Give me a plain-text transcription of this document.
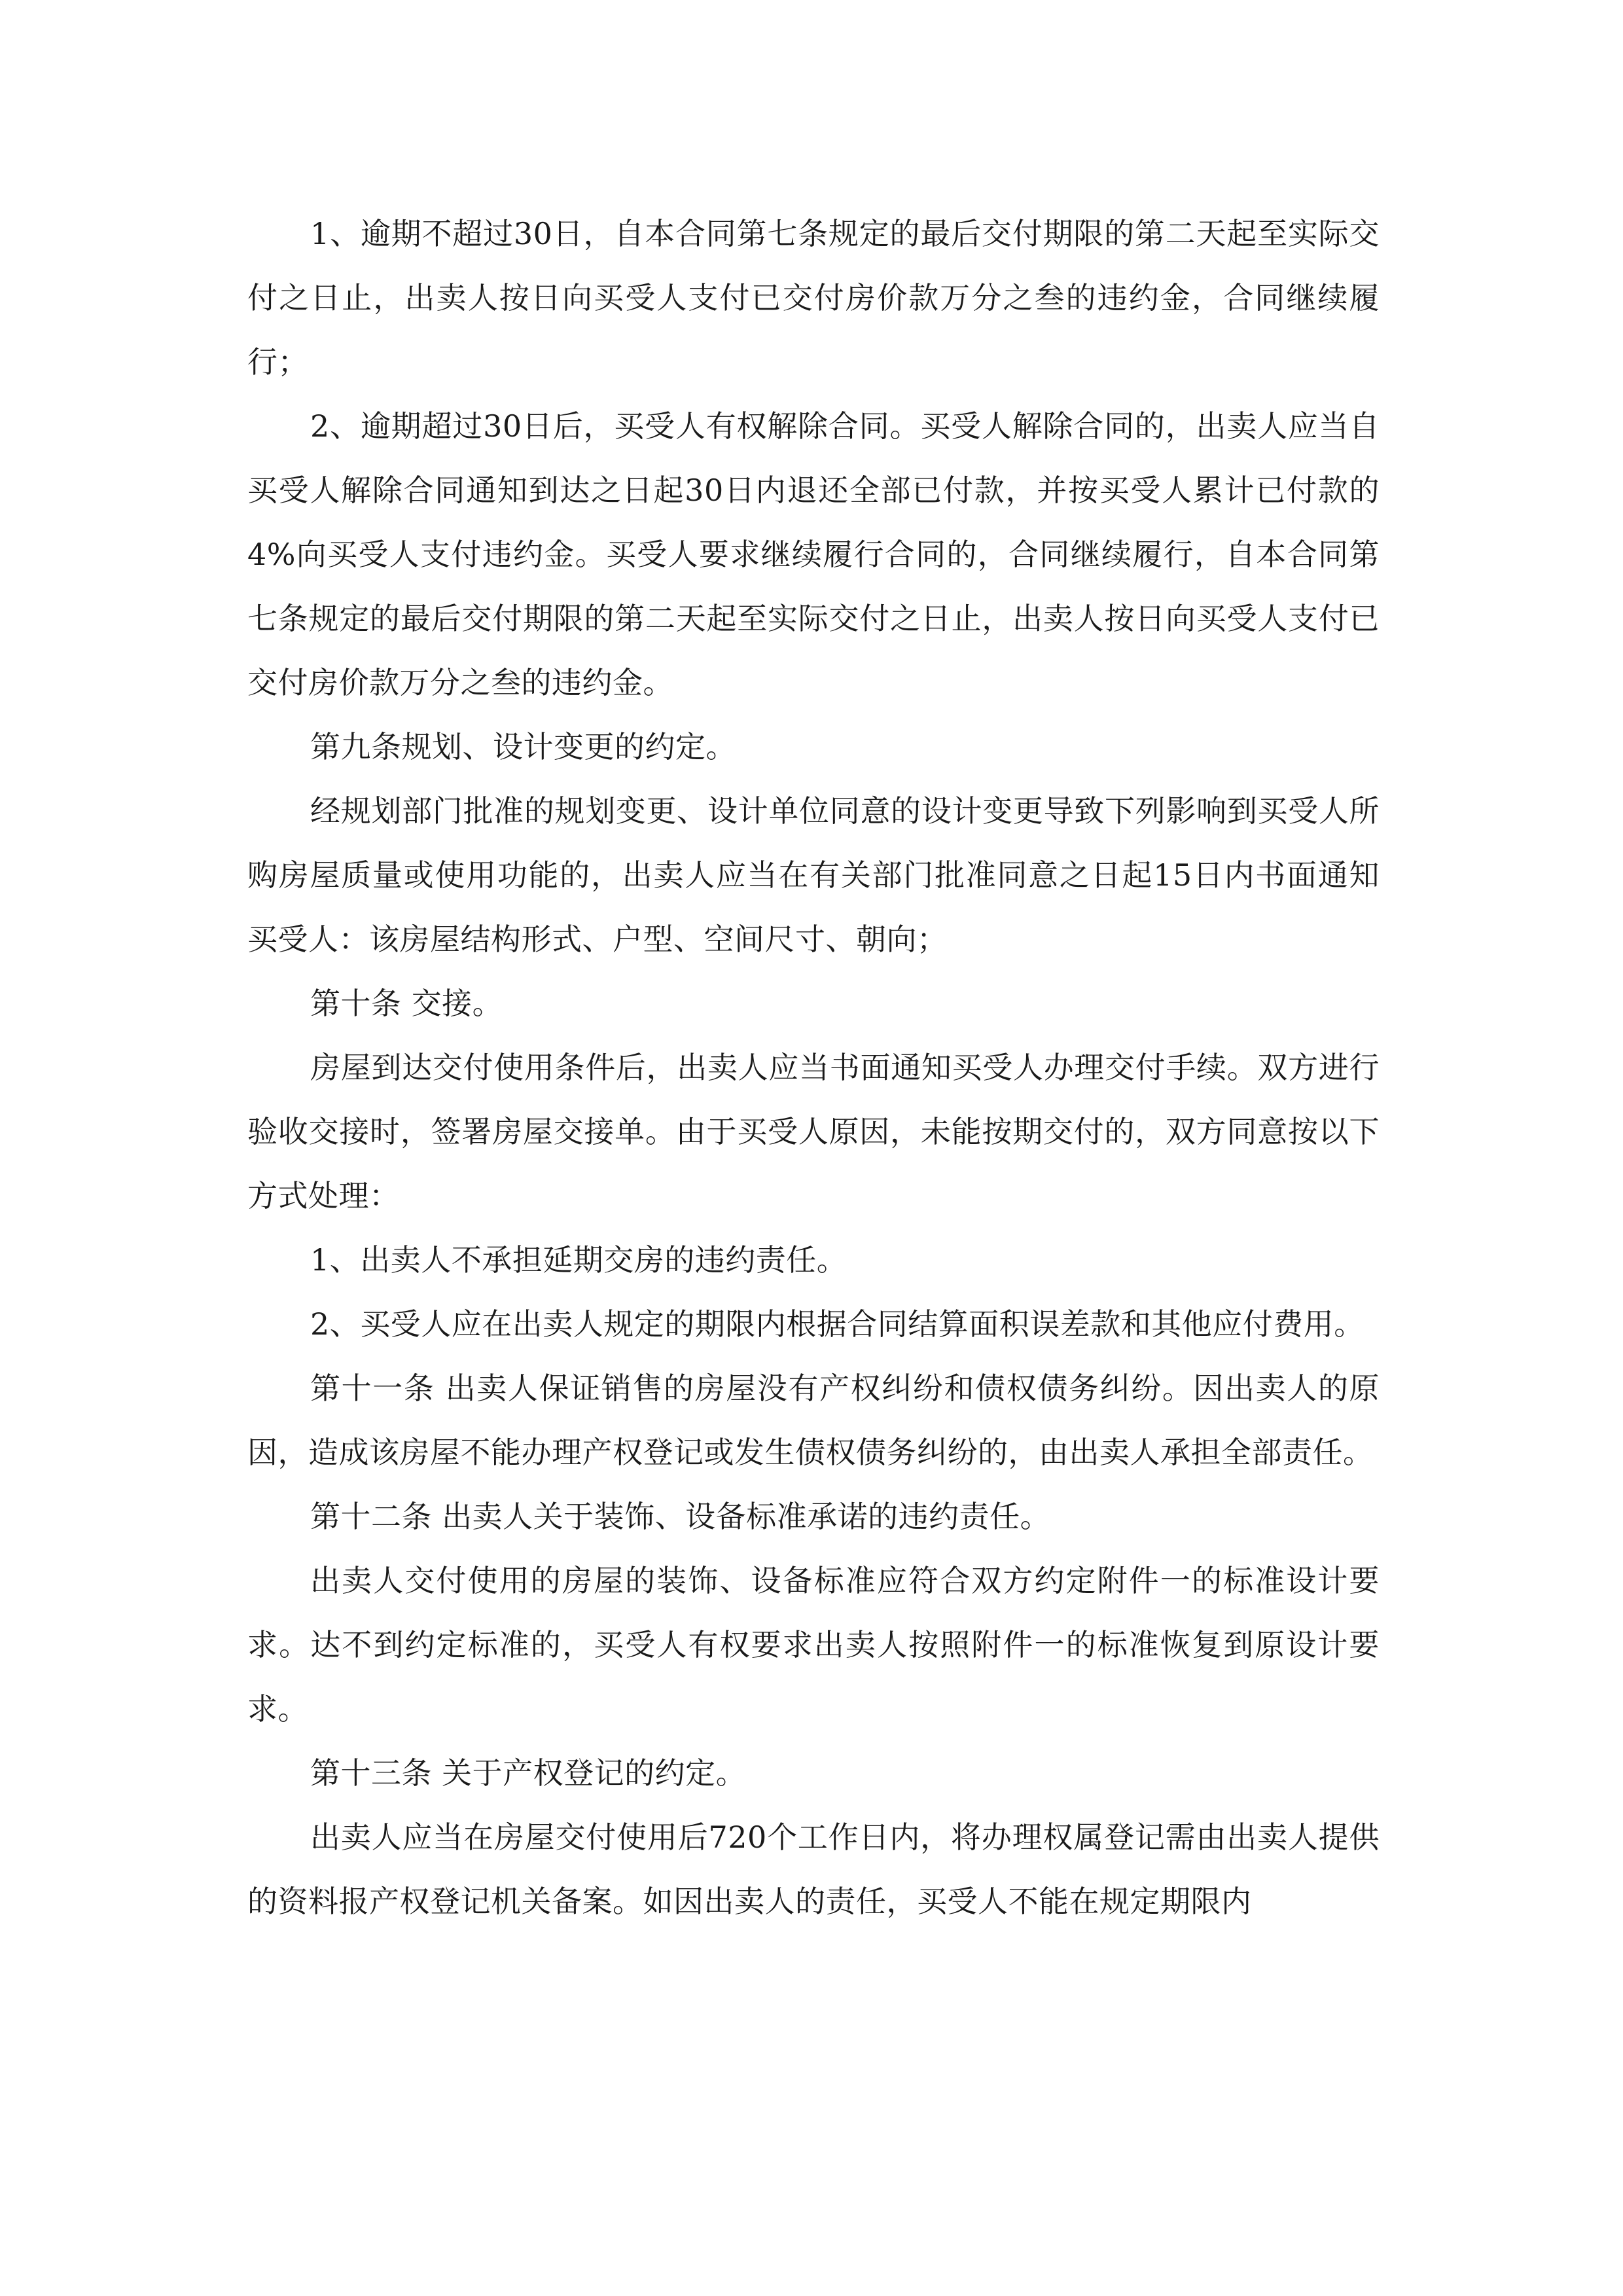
1、逾期不超过30日，自本合同第七条规定的最后交付期限的第二天起至实际交付之日止，出卖人按日向买受人支付已交付房价款万分之叁的违约金，合同继续履行；

2、逾期超过30日后，买受人有权解除合同。买受人解除合同的，出卖人应当自买受人解除合同通知到达之日起30日内退还全部已付款，并按买受人累计已付款的4%向买受人支付违约金。买受人要求继续履行合同的，合同继续履行，自本合同第七条规定的最后交付期限的第二天起至实际交付之日止，出卖人按日向买受人支付已交付房价款万分之叁的违约金。

第九条规划、设计变更的约定。

经规划部门批准的规划变更、设计单位同意的设计变更导致下列影响到买受人所购房屋质量或使用功能的，出卖人应当在有关部门批准同意之日起15日内书面通知买受人：该房屋结构形式、户型、空间尺寸、朝向；

第十条 交接。

房屋到达交付使用条件后，出卖人应当书面通知买受人办理交付手续。双方进行验收交接时，签署房屋交接单。由于买受人原因，未能按期交付的，双方同意按以下方式处理：

1、出卖人不承担延期交房的违约责任。

2、买受人应在出卖人规定的期限内根据合同结算面积误差款和其他应付费用。

第十一条 出卖人保证销售的房屋没有产权纠纷和债权债务纠纷。因出卖人的原因，造成该房屋不能办理产权登记或发生债权债务纠纷的，由出卖人承担全部责任。

第十二条 出卖人关于装饰、设备标准承诺的违约责任。

出卖人交付使用的房屋的装饰、设备标准应符合双方约定附件一的标准设计要求。达不到约定标准的，买受人有权要求出卖人按照附件一的标准恢复到原设计要求。

第十三条 关于产权登记的约定。

出卖人应当在房屋交付使用后720个工作日内，将办理权属登记需由出卖人提供的资料报产权登记机关备案。如因出卖人的责任，买受人不能在规定期限内
